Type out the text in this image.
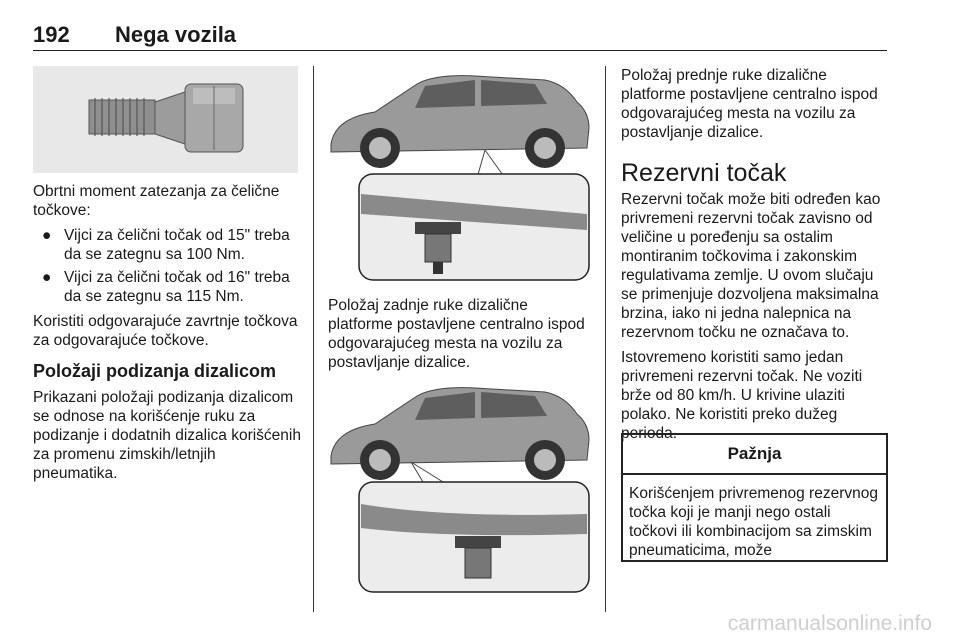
192 Nega vozila

Obrtni moment zatezanja za čelične točkove:

● Vijci za čelični točak od 15" treba da se zategnu sa 100 Nm.
● Vijci za čelični točak od 16" treba da se zategnu sa 115 Nm.

Koristiti odgovarajuće zavrtnje točkova za odgovarajuće točkove.

Položaji podizanja dizalicom

Prikazani položaji podizanja dizalicom se odnose na korišćenje ruku za podizanje i dodatnih dizalica korišćenih za promenu zimskih/letnjih pneumatika.

Položaj zadnje ruke dizalične platforme postavljene centralno ispod odgovarajućeg mesta na vozilu za postavljanje dizalice.

Položaj prednje ruke dizalične platforme postavljene centralno ispod odgovarajućeg mesta na vozilu za postavljanje dizalice.

Rezervni točak

Rezervni točak može biti određen kao privremeni rezervni točak zavisno od veličine u poređenju sa ostalim montiranim točkovima i zakonskim regulativama zemlje. U ovom slučaju se primenjuje dozvoljena maksimalna brzina, iako ni jedna nalepnica na rezervnom točku ne označava to.

Istovremeno koristiti samo jedan privremeni rezervni točak. Ne voziti brže od 80 km/h. U krivine ulaziti polako. Ne koristiti preko dužeg perioda.

Pažnja
Korišćenjem privremenog rezervnog točka koji je manji nego ostali točkovi ili kombinacijom sa zimskim pneumaticima, može
carmanualsonline.info
